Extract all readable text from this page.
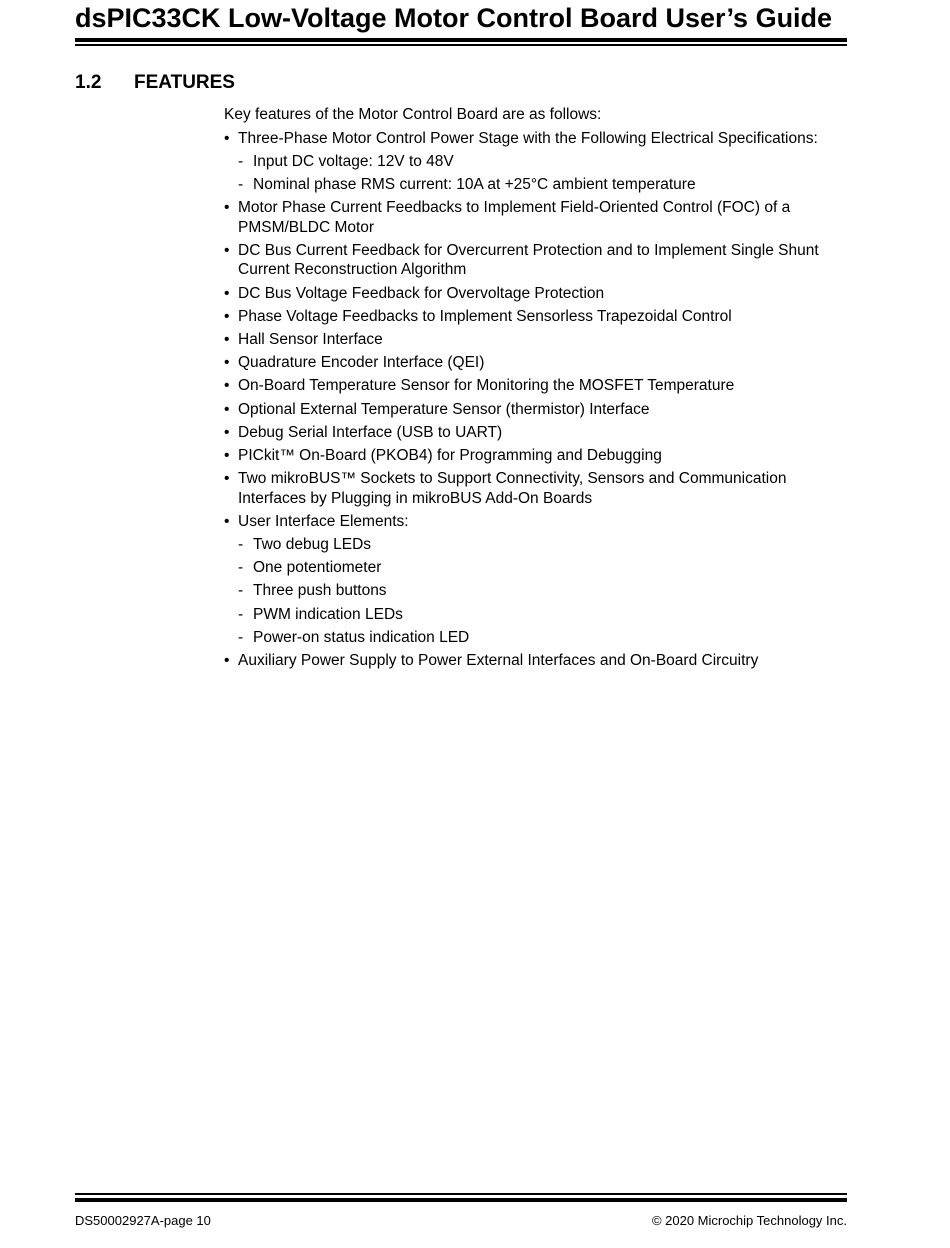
dsPIC33CK Low-Voltage Motor Control Board User’s Guide
1.2 FEATURES
Key features of the Motor Control Board are as follows:
• Three-Phase Motor Control Power Stage with the Following Electrical Specifications:
- Input DC voltage: 12V to 48V
- Nominal phase RMS current: 10A at +25°C ambient temperature
• Motor Phase Current Feedbacks to Implement Field-Oriented Control (FOC) of a PMSM/BLDC Motor
• DC Bus Current Feedback for Overcurrent Protection and to Implement Single Shunt Current Reconstruction Algorithm
• DC Bus Voltage Feedback for Overvoltage Protection
• Phase Voltage Feedbacks to Implement Sensorless Trapezoidal Control
• Hall Sensor Interface
• Quadrature Encoder Interface (QEI)
• On-Board Temperature Sensor for Monitoring the MOSFET Temperature
• Optional External Temperature Sensor (thermistor) Interface
• Debug Serial Interface (USB to UART)
• PICkit™ On-Board (PKOB4) for Programming and Debugging
• Two mikroBUS™ Sockets to Support Connectivity, Sensors and Communication Interfaces by Plugging in mikroBUS Add-On Boards
• User Interface Elements:
- Two debug LEDs
- One potentiometer
- Three push buttons
- PWM indication LEDs
- Power-on status indication LED
• Auxiliary Power Supply to Power External Interfaces and On-Board Circuitry
DS50002927A-page 10	© 2020 Microchip Technology Inc.
